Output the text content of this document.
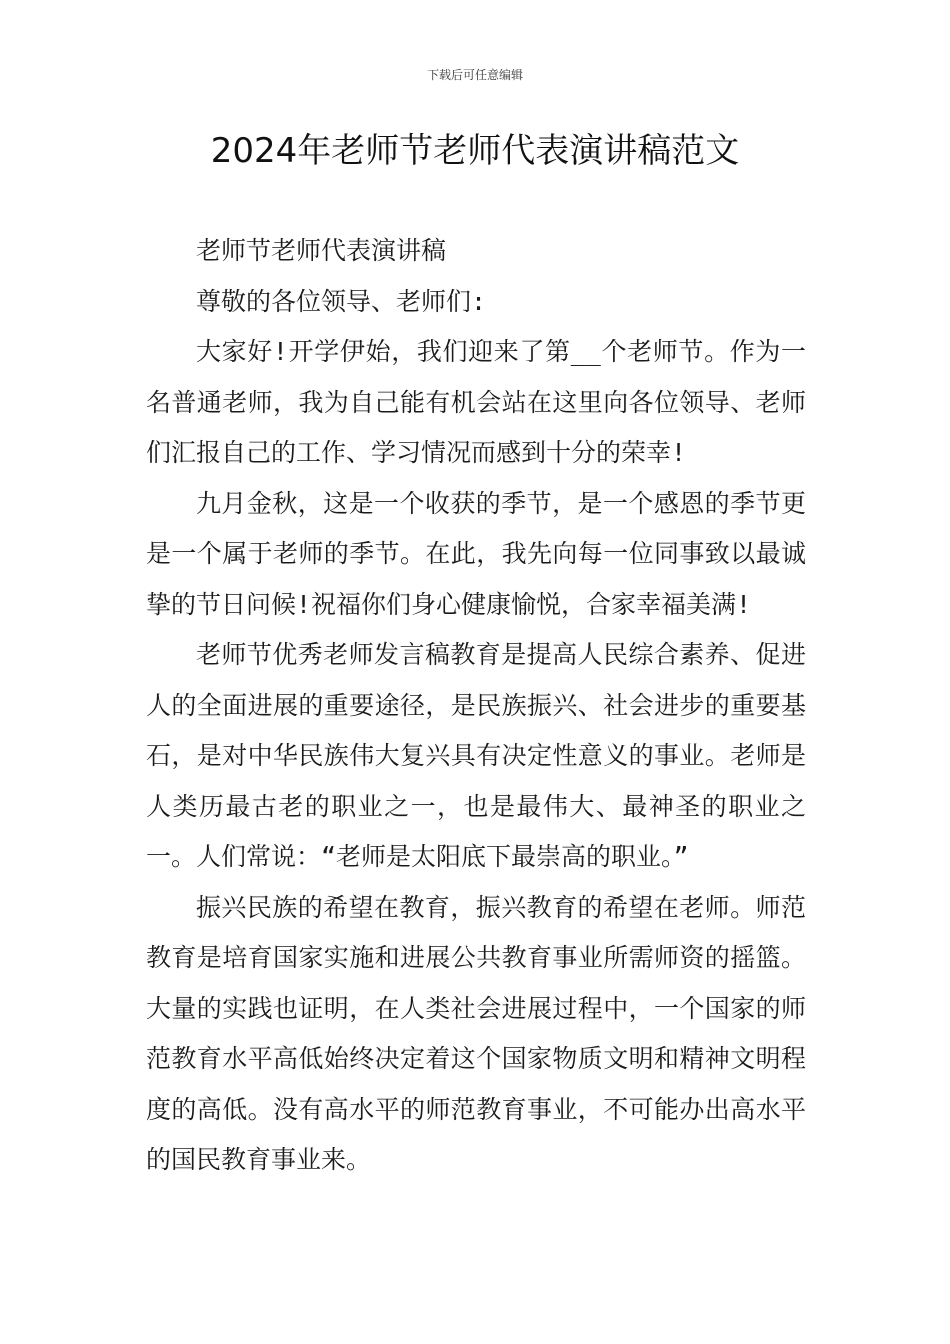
下载后可任意编辑
2024年老师节老师代表演讲稿范文

老师节老师代表演讲稿

尊敬的各位领导、老师们:

大家好!开学伊始，我们迎来了第__个老师节。作为一名普通老师，我为自己能有机会站在这里向各位领导、老师们汇报自己的工作、学习情况而感到十分的荣幸!

九月金秋，这是一个收获的季节，是一个感恩的季节更是一个属于老师的季节。在此，我先向每一位同事致以最诚挚的节日问候!祝福你们身心健康愉悦，合家幸福美满!

老师节优秀老师发言稿教育是提高人民综合素养、促进人的全面进展的重要途径，是民族振兴、社会进步的重要基石，是对中华民族伟大复兴具有决定性意义的事业。老师是人类历最古老的职业之一，也是最伟大、最神圣的职业之一。人们常说：“老师是太阳底下最崇高的职业。”

振兴民族的希望在教育，振兴教育的希望在老师。师范教育是培育国家实施和进展公共教育事业所需师资的摇篮。大量的实践也证明，在人类社会进展过程中，一个国家的师范教育水平高低始终决定着这个国家物质文明和精神文明程度的高低。没有高水平的师范教育事业，不可能办出高水平的国民教育事业来。
